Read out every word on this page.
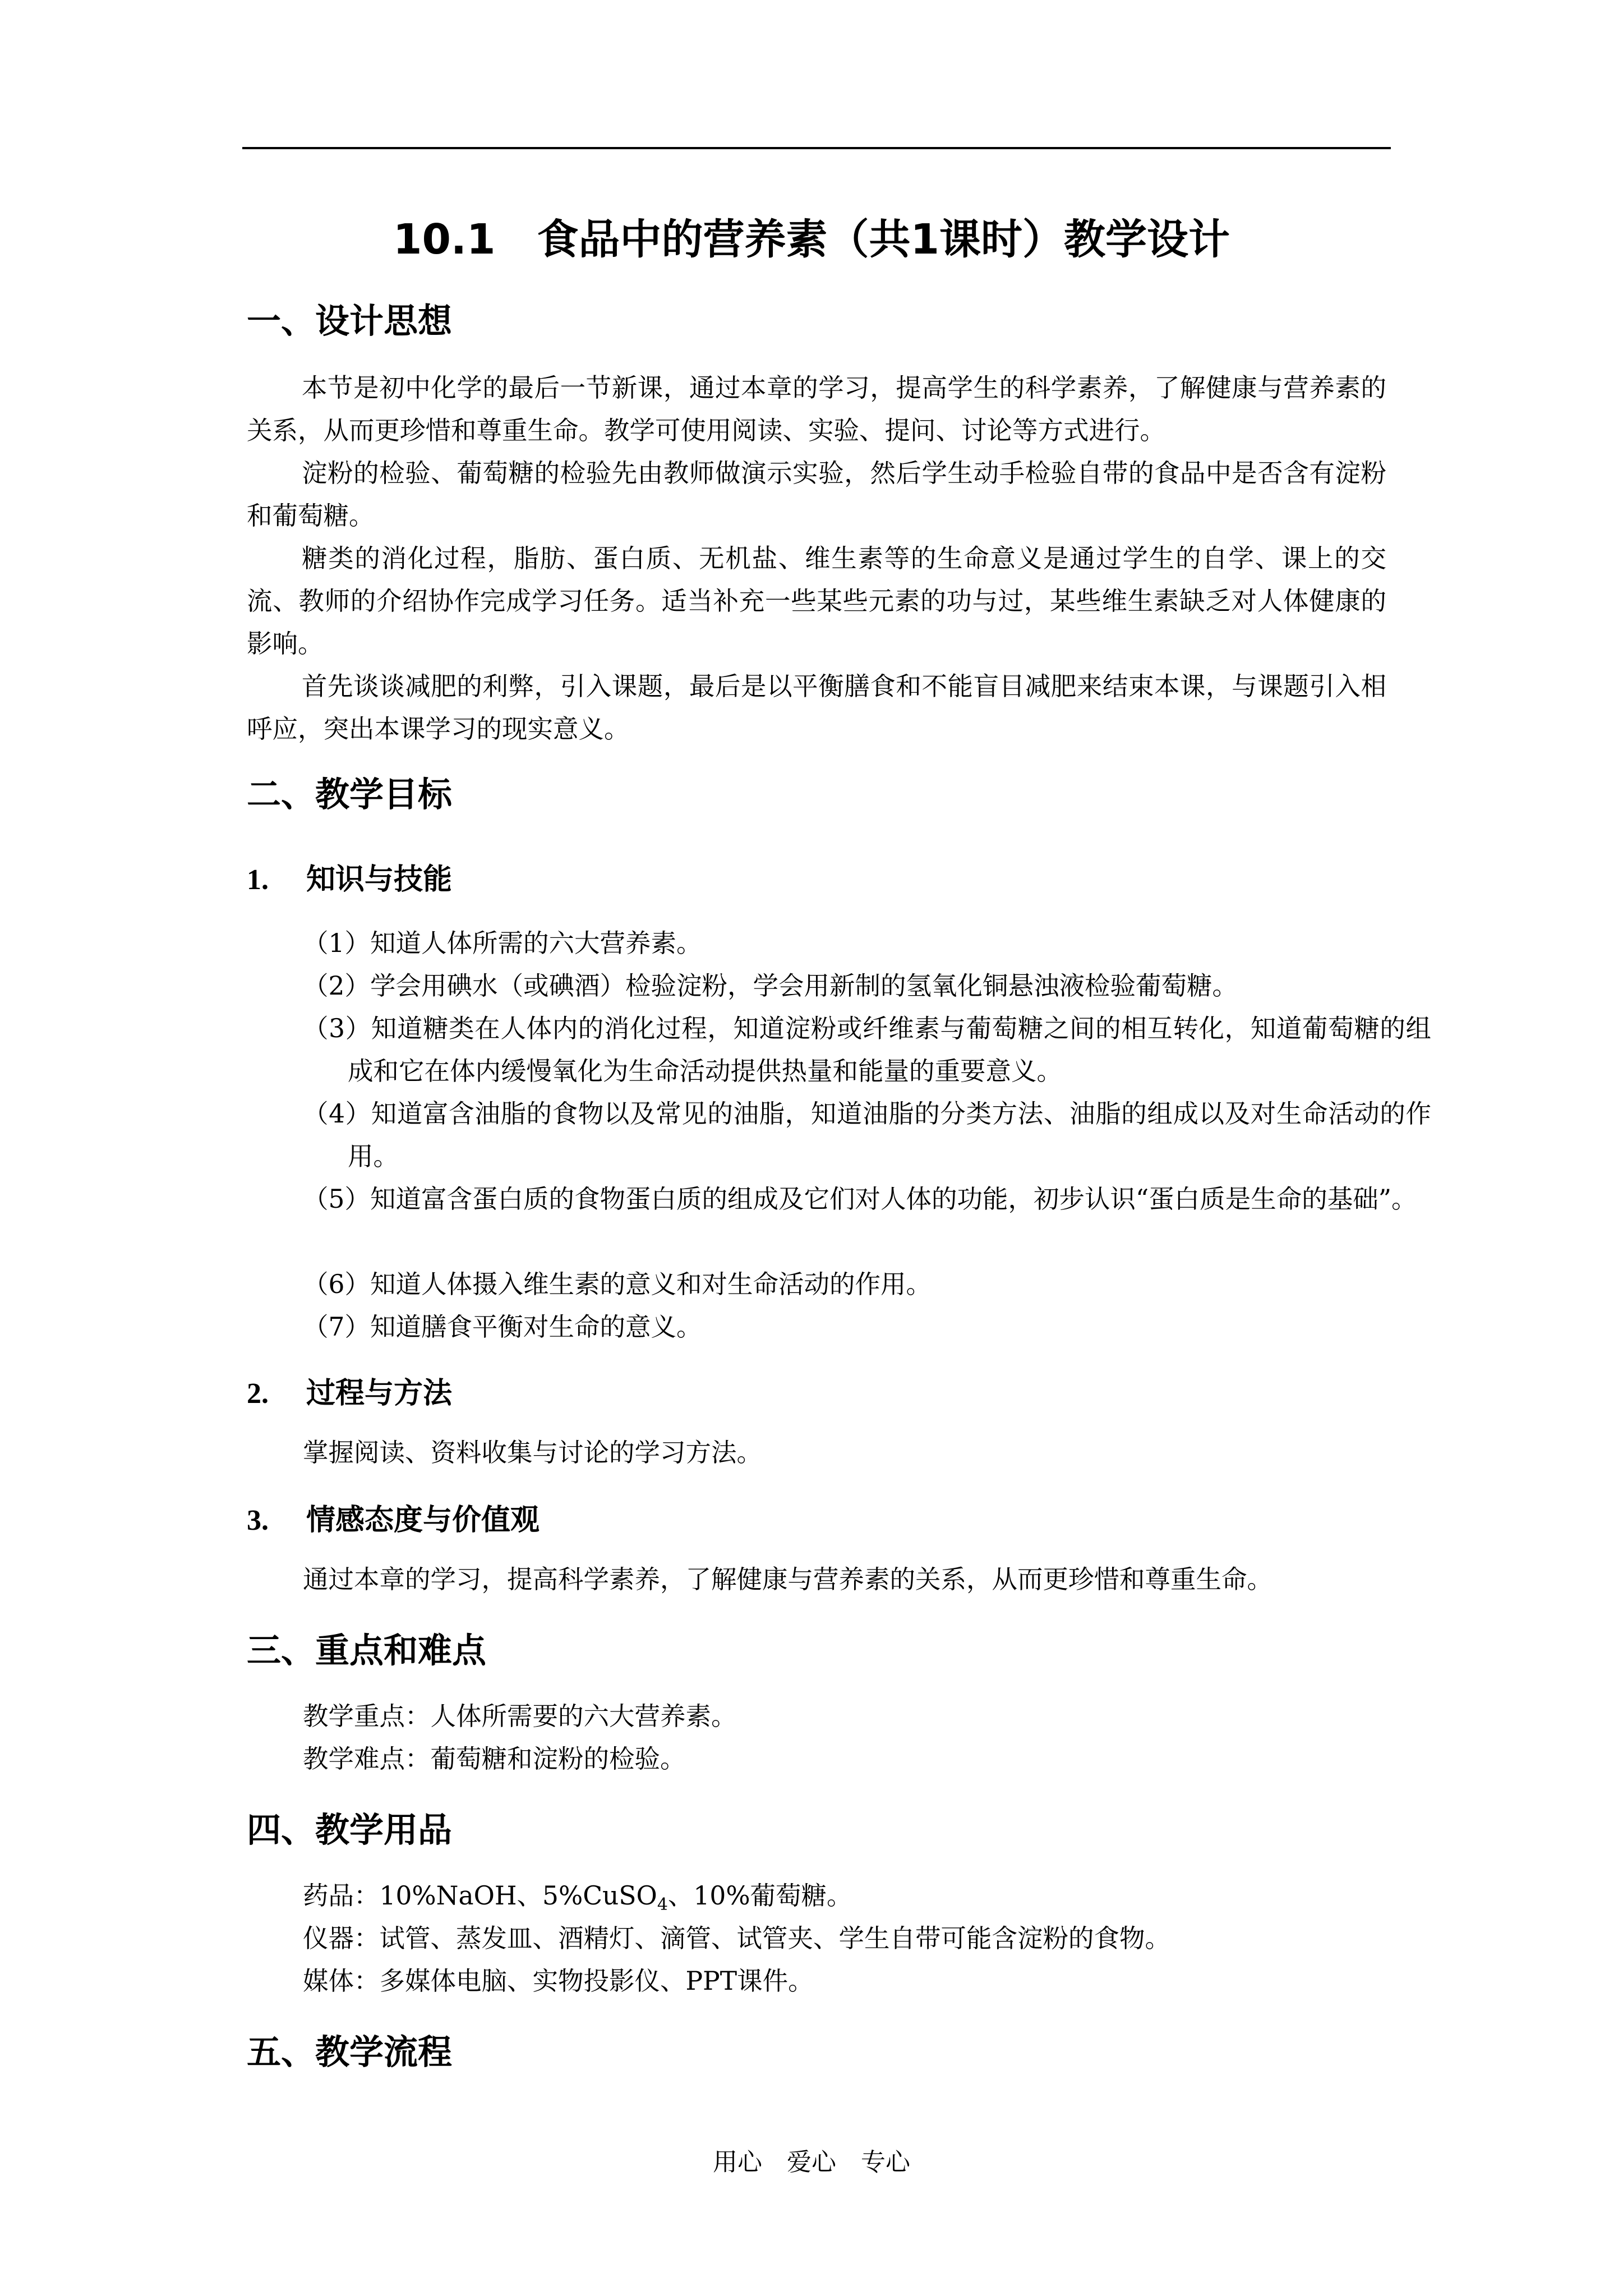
10.1　食品中的营养素（共1课时）教学设计
一、设计思想

本节是初中化学的最后一节新课，通过本章的学习，提高学生的科学素养，了解健康与营养素的关系，从而更珍惜和尊重生命。教学可使用阅读、实验、提问、讨论等方式进行。

淀粉的检验、葡萄糖的检验先由教师做演示实验，然后学生动手检验自带的食品中是否含有淀粉和葡萄糖。

糖类的消化过程，脂肪、蛋白质、无机盐、维生素等的生命意义是通过学生的自学、课上的交流、教师的介绍协作完成学习任务。适当补充一些某些元素的功与过，某些维生素缺乏对人体健康的影响。

首先谈谈减肥的利弊，引入课题，最后是以平衡膳食和不能盲目减肥来结束本课，与课题引入相呼应，突出本课学习的现实意义。

二、教学目标
1. 知识与技能

（1）知道人体所需的六大营养素。

（2）学会用碘水（或碘酒）检验淀粉，学会用新制的氢氧化铜悬浊液检验葡萄糖。

（3）知道糖类在人体内的消化过程，知道淀粉或纤维素与葡萄糖之间的相互转化，知道葡萄糖的组成和它在体内缓慢氧化为生命活动提供热量和能量的重要意义。

（4）知道富含油脂的食物以及常见的油脂，知道油脂的分类方法、油脂的组成以及对生命活动的作用。

（5）知道富含蛋白质的食物蛋白质的组成及它们对人体的功能，初步认识“蛋白质是生命的基础”。

（6）知道人体摄入维生素的意义和对生命活动的作用。

（7）知道膳食平衡对生命的意义。

2. 过程与方法

掌握阅读、资料收集与讨论的学习方法。

3. 情感态度与价值观

通过本章的学习，提高科学素养，了解健康与营养素的关系，从而更珍惜和尊重生命。

三、重点和难点

教学重点：人体所需要的六大营养素。

教学难点：葡萄糖和淀粉的检验。

四、教学用品

药品：10%NaOH、5%CuSO$_4$、10%葡萄糖。

仪器：试管、蒸发皿、酒精灯、滴管、试管夹、学生自带可能含淀粉的食物。

媒体：多媒体电脑、实物投影仪、PPT课件。

五、教学流程

用心　爱心　专心
